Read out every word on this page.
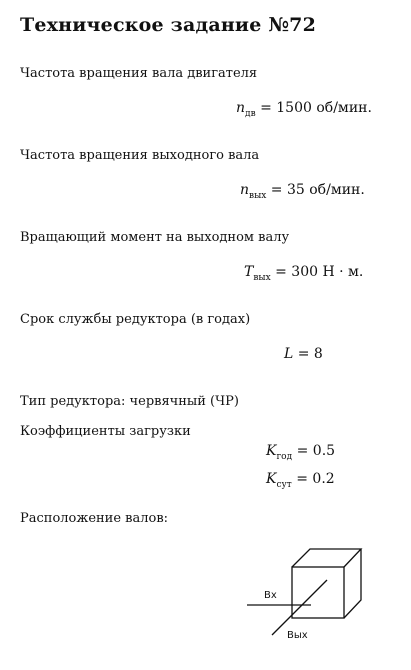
Техническое задание №72
Частота вращения вала двигателя
$n_{дв} = 1500$ об/мин.
Частота вращения выходного вала
$n_{вых} = 35$ об/мин.
Вращающий момент на выходном валу
$T_{вых} = 300$ Н · м.
Срок службы редуктора (в годах)
L = 8
Тип редуктора: червячный (ЧР)
Коэффициенты загрузки
$K_{год} = 0.5$
$K_{сут} = 0.2$
Расположение валов:
Вх
Вых
